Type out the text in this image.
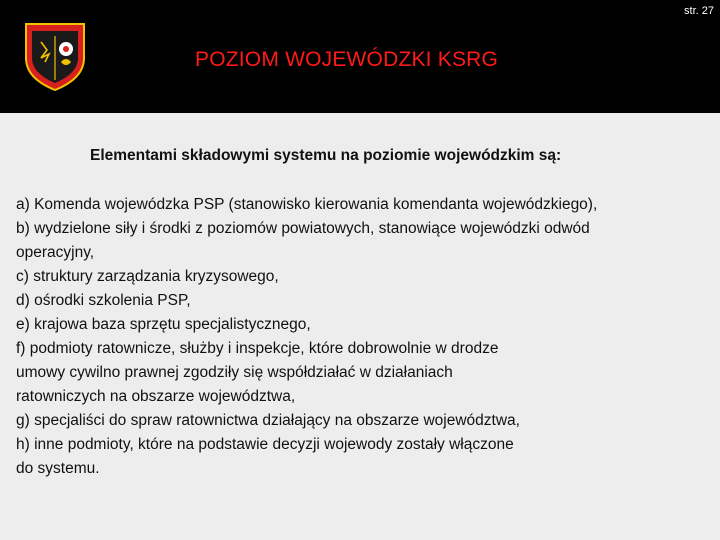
str. 27
POZIOM WOJEWÓDZKI KSRG
Elementami składowymi systemu na poziomie wojewódzkim są:
a) Komenda wojewódzka PSP (stanowisko kierowania komendanta wojewódzkiego),
b) wydzielone siły i środki z poziomów powiatowych, stanowiące wojewódzki odwód
operacyjny,
c) struktury zarządzania kryzysowego,
d) ośrodki szkolenia PSP,
e) krajowa baza sprzętu specjalistycznego,
f) podmioty ratownicze, służby i inspekcje, które dobrowolnie w drodze
umowy cywilno prawnej zgodziły się współdziałać w działaniach
ratowniczych na obszarze województwa,
g) specjaliści do spraw ratownictwa działający na obszarze województwa,
h) inne podmioty, które na podstawie decyzji wojewody zostały włączone
do systemu.
